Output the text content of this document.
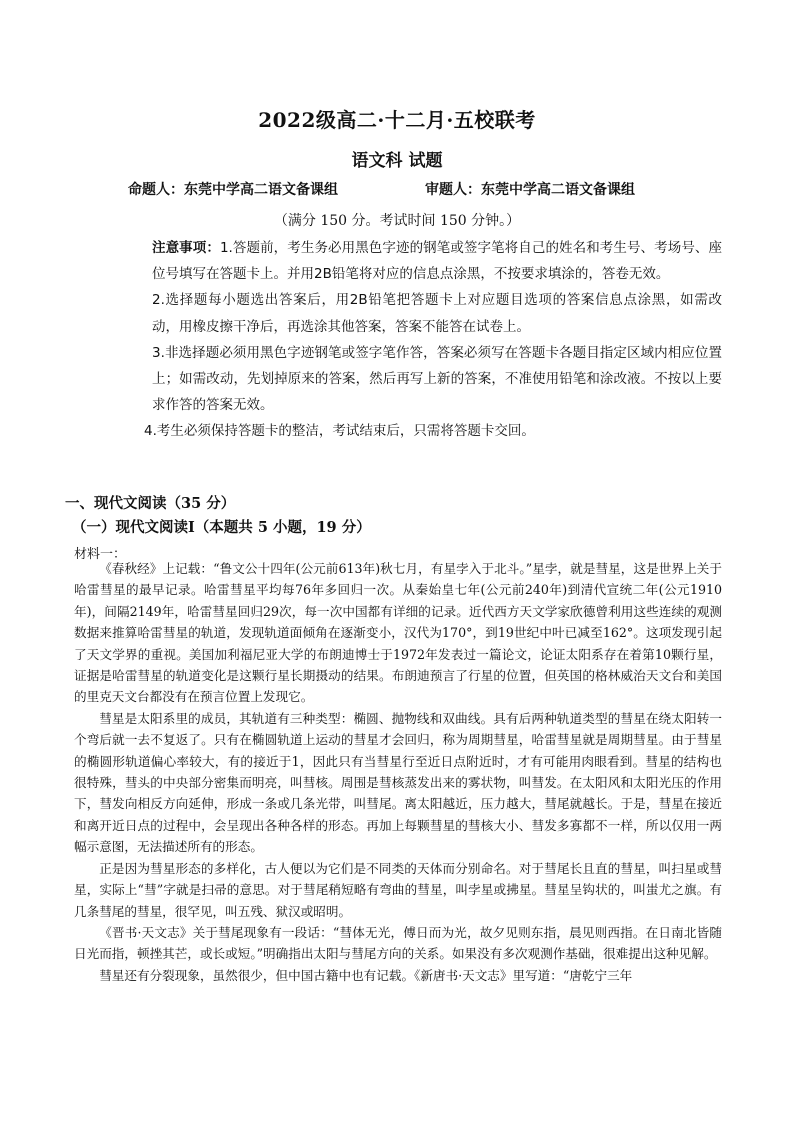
2022级高二·十二月·五校联考
语文科 试题
命题人：东莞中学高二语文备课组	审题人：东莞中学高二语文备课组
（满分 150 分。考试时间 150 分钟。）

注意事项：1.答题前，考生务必用黑色字迹的钢笔或签字笔将自己的姓名和考生号、考场号、座位号填写在答题卡上。并用2B铅笔将对应的信息点涂黑，不按要求填涂的，答卷无效。

2.选择题每小题选出答案后，用2B铅笔把答题卡上对应题目选项的答案信息点涂黑，如需改动，用橡皮擦干净后，再选涂其他答案，答案不能答在试卷上。

3.非选择题必须用黑色字迹钢笔或签字笔作答，答案必须写在答题卡各题目指定区域内相应位置上；如需改动，先划掉原来的答案，然后再写上新的答案，不准使用铅笔和涂改液。不按以上要求作答的答案无效。

4.考生必须保持答题卡的整洁，考试结束后，只需将答题卡交回。

一、现代文阅读（35 分）
（一）现代文阅读Ⅰ（本题共 5 小题，19 分）
材料一：

《春秋经》上记载：“鲁文公十四年(公元前613年)秋七月，有星孛入于北斗。”星孛，就是彗星，这是世界上关于哈雷彗星的最早记录。哈雷彗星平均每76年多回归一次。从秦始皇七年(公元前240年)到清代宣统二年(公元1910年)，间隔2149年，哈雷彗星回归29次，每一次中国都有详细的记录。近代西方天文学家欣德曾利用这些连续的观测数据来推算哈雷彗星的轨道，发现轨道面倾角在逐渐变小，汉代为170°，到19世纪中叶已减至162°。这项发现引起了天文学界的重视。美国加利福尼亚大学的布朗迪博士于1972年发表过一篇论文，论证太阳系存在着第10颗行星，证据是哈雷彗星的轨道变化是这颗行星长期摄动的结果。布朗迪预言了行星的位置，但英国的格林威治天文台和美国的里克天文台都没有在预言位置上发现它。

彗星是太阳系里的成员，其轨道有三种类型：椭圆、抛物线和双曲线。具有后两种轨道类型的彗星在绕太阳转一个弯后就一去不复返了。只有在椭圆轨道上运动的彗星才会回归，称为周期彗星，哈雷彗星就是周期彗星。由于彗星的椭圆形轨道偏心率较大，有的接近于1，因此只有当彗星行至近日点附近时，才有可能用肉眼看到。彗星的结构也很特殊，彗头的中央部分密集而明亮，叫彗核。周围是彗核蒸发出来的雾状物，叫彗发。在太阳风和太阳光压的作用下，彗发向相反方向延伸，形成一条或几条光带，叫彗尾。离太阳越近，压力越大，彗尾就越长。于是，彗星在接近和离开近日点的过程中，会呈现出各种各样的形态。再加上每颗彗星的彗核大小、彗发多寡都不一样，所以仅用一两幅示意图，无法描述所有的形态。

正是因为彗星形态的多样化，古人便以为它们是不同类的天体而分别命名。对于彗尾长且直的彗星，叫扫星或彗星，实际上“彗”字就是扫帚的意思。对于彗尾稍短略有弯曲的彗星，叫孛星或拂星。彗星呈钩状的，叫蚩尤之旗。有几条彗尾的彗星，很罕见，叫五残、狱汉或昭明。

《晋书·天文志》关于彗尾现象有一段话：“彗体无光，傅日而为光，故夕见则东指，晨见则西指。在日南北皆随日光而指，顿挫其芒，或长或短。”明确指出太阳与彗尾方向的关系。如果没有多次观测作基础，很难提出这种见解。

彗星还有分裂现象，虽然很少，但中国古籍中也有记载。《新唐书·天文志》里写道：“唐乾宁三年
